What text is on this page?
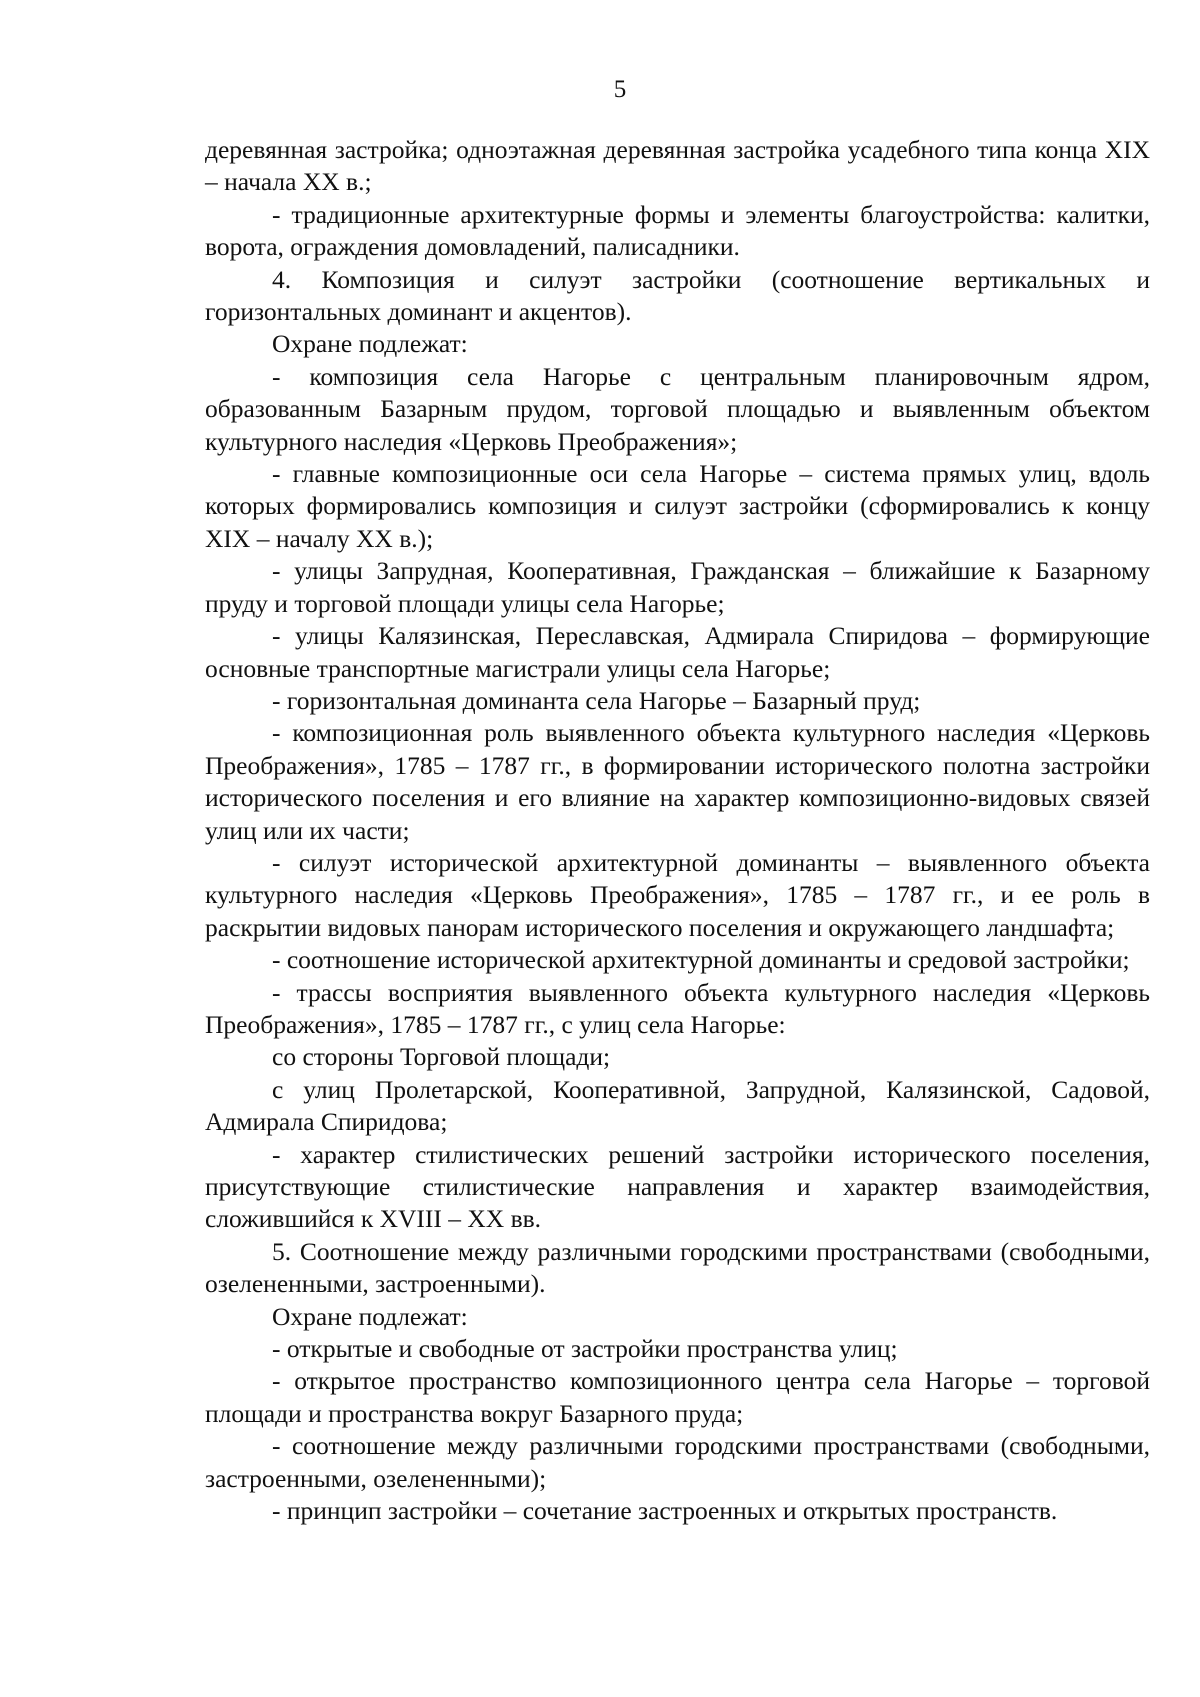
5

деревянная застройка; одноэтажная деревянная застройка усадебного типа конца XIX – начала XX в.;

- традиционные архитектурные формы и элементы благоустройства: калитки, ворота, ограждения домовладений, палисадники.

4. Композиция и силуэт застройки (соотношение вертикальных и горизонтальных доминант и акцентов).

Охране подлежат:

- композиция села Нагорье с центральным планировочным ядром, образованным Базарным прудом, торговой площадью и выявленным объектом культурного наследия «Церковь Преображения»;

- главные композиционные оси села Нагорье – система прямых улиц, вдоль которых формировались композиция и силуэт застройки (сформировались к концу XIX – началу XX в.);

- улицы Запрудная, Кооперативная, Гражданская – ближайшие к Базарному пруду и торговой площади улицы села Нагорье;

- улицы Калязинская, Переславская, Адмирала Спиридова – формирующие основные транспортные магистрали улицы села Нагорье;

- горизонтальная доминанта села Нагорье – Базарный пруд;

- композиционная роль выявленного объекта культурного наследия «Церковь Преображения», 1785 – 1787 гг., в формировании исторического полотна застройки исторического поселения и его влияние на характер композиционно-видовых связей улиц или их части;

- силуэт исторической архитектурной доминанты – выявленного объекта культурного наследия «Церковь Преображения», 1785 – 1787 гг., и ее роль в раскрытии видовых панорам исторического поселения и окружающего ландшафта;

- соотношение исторической архитектурной доминанты и средовой застройки;

- трассы восприятия выявленного объекта культурного наследия «Церковь Преображения», 1785 – 1787 гг., с улиц села Нагорье:

со стороны Торговой площади;

с улиц Пролетарской, Кооперативной, Запрудной, Калязинской, Садовой, Адмирала Спиридова;

- характер стилистических решений застройки исторического поселения, присутствующие стилистические направления и характер взаимодействия, сложившийся к XVIII – XX вв.

5. Соотношение между различными городскими пространствами (свободными, озелененными, застроенными).

Охране подлежат:

- открытые и свободные от застройки пространства улиц;

- открытое пространство композиционного центра села Нагорье – торговой площади и пространства вокруг Базарного пруда;

- соотношение между различными городскими пространствами (свободными, застроенными, озелененными);

- принцип застройки – сочетание застроенных и открытых пространств.
